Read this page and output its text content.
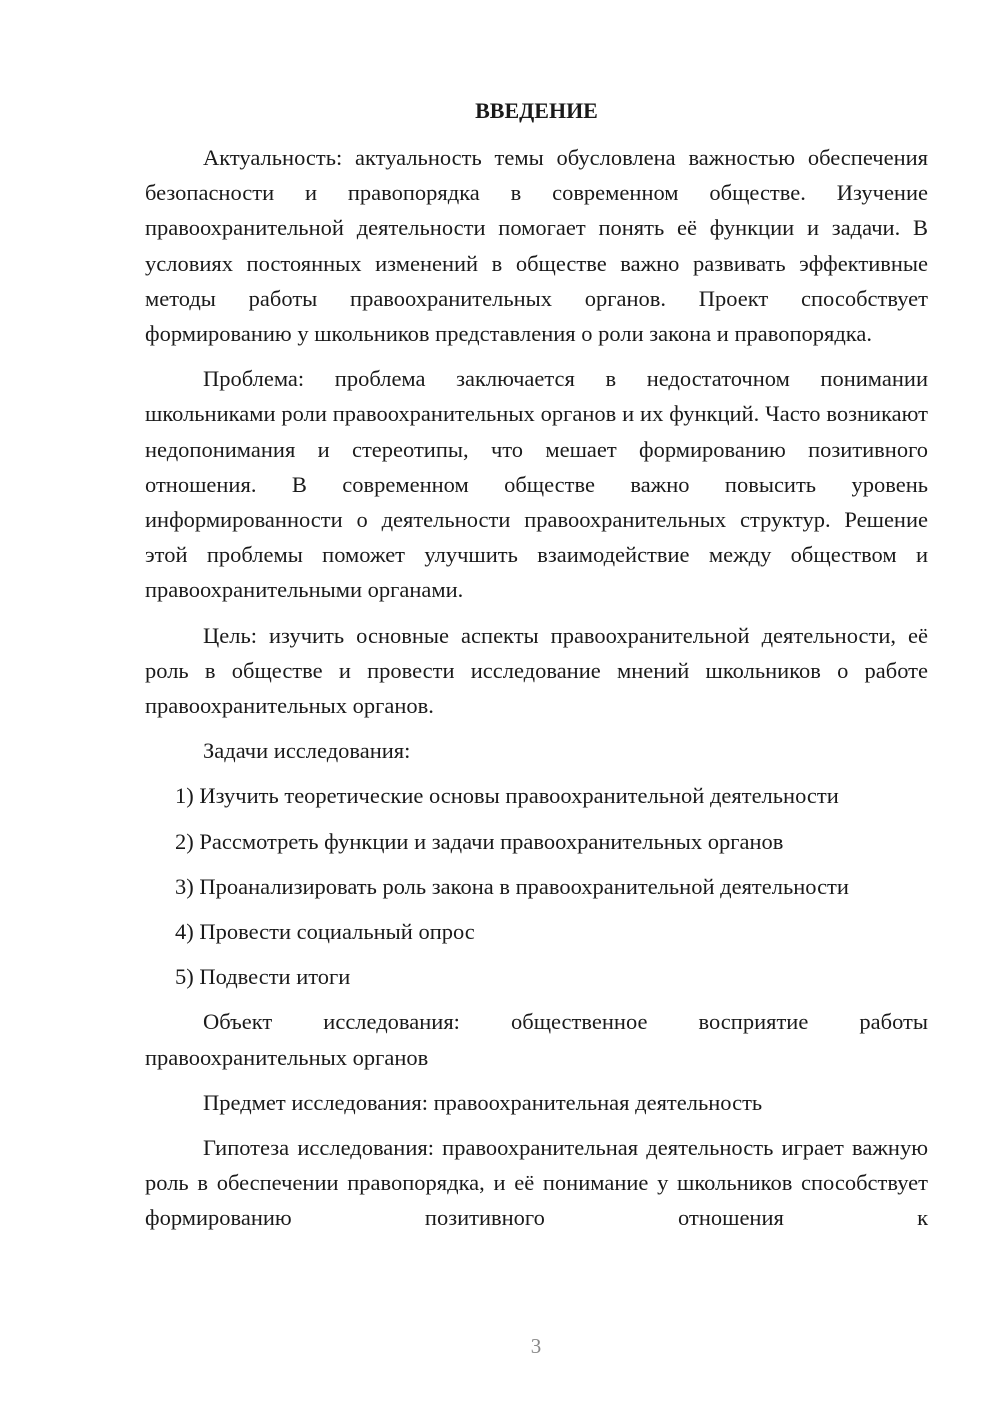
ВВЕДЕНИЕ

Актуальность: актуальность темы обусловлена важностью обеспечения безопасности и правопорядка в современном обществе. Изучение правоохранительной деятельности помогает понять её функции и задачи. В условиях постоянных изменений в обществе важно развивать эффективные методы работы правоохранительных органов. Проект способствует формированию у школьников представления о роли закона и правопорядка.

Проблема: проблема заключается в недостаточном понимании школьниками роли правоохранительных органов и их функций. Часто возникают недопонимания и стереотипы, что мешает формированию позитивного отношения. В современном обществе важно повысить уровень информированности о деятельности правоохранительных структур. Решение этой проблемы поможет улучшить взаимодействие между обществом и правоохранительными органами.

Цель: изучить основные аспекты правоохранительной деятельности, её роль в обществе и провести исследование мнений школьников о работе правоохранительных органов.

Задачи исследования:

1) Изучить теоретические основы правоохранительной деятельности

2) Рассмотреть функции и задачи правоохранительных органов

3) Проанализировать роль закона в правоохранительной деятельности

4) Провести социальный опрос

5) Подвести итоги

Объект исследования: общественное восприятие работы правоохранительных органов

Предмет исследования: правоохранительная деятельность

Гипотеза исследования: правоохранительная деятельность играет важную роль в обеспечении правопорядка, и её понимание у школьников способствует формированию позитивного отношения к

3
